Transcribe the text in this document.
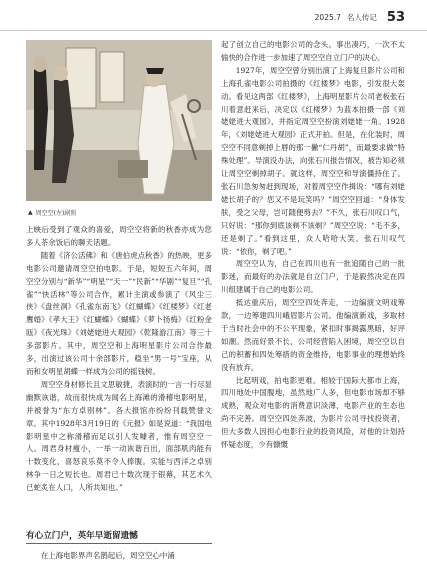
2025.7 名人传记 53
▲ 周空空(左)剧照

上映后受到了观众的喜爱，周空空将新的秋香亦成为您多人茶余饭后的聊天话题。

随着《济公活佛》和《唐伯虎点秋香》的热映，更多电影公司邀请周空空拍电影。于是，短短五六年间，周空空分别与“新华”“明星”“天一”“民新”“华剧”“复旦”“孔雀”“快活林”等公司合作，累计主演或参演了《风尘三侠》《盘丝洞》《孔雀东南飞》《红蝴蝶》《红楼梦》《红老鹰婚》《孝大王》《红蝴蝶》《蝴蝶》《萝卜扬梅》《红粉金瓯》《夜光珠》《刘姥姥进大观园》《乾隆游江南》等三十多部影片。其中，周空空和上海明星影片公司合作最多，出演过该公司十余部影片，稳坐“男一号”宝座，从而和女明星胡蝶一样成为公司的摇钱树。

周空空身材修长且文思敏捷，表演时的一言一行尽显幽默诙谐，故而很快成为闻名上海滩的滑稽电影明星，并被誉为“东方卓别林”。各大报馆亦纷纷刊载赞誉文章。其中1928年3月19日的《元报》如是说道：“我国电影明星中之称滑稽而足以引人发噱者，惟有周空空一人。周君身材瘦小，一举一动诙谐百出，面部肌肉能有十数变化，喜怒哀乐莫不令人捧腹。实能与西洋之卓别林争一日之短长也。周君已十数次现于银幕，其艺术久已蛇炙在人口，人所共知也。”

有心立门户，英年早逝留遗憾

在上海电影界声名鹊起后，周空空心中涌

起了创立自己的电影公司的念头。事出凑巧，一次不太愉快的合作进一步加速了周空空自立门户的决心。

1927年，周空空曾分别出演了上海复旦影片公司和上海孔雀电影公司拍摄的《红楼梦》电影，引发很大轰动。看见这两部《红楼梦》，上海明星影片公司老板张石川着意赶来后，决定以《红楼梦》为蓝本拍摄一部《刘姥姥进大观园》，并指定周空空扮演刘姥姥一角。1928年，《刘姥姥进大观园》正式开拍。但是，在化装时，周空空不同意剃掉上唇的那一撇“仁丹胡”，而最要求做“特殊处理”。导演没办法，向张石川报告情况，被告知必须让周空空剃掉胡子。就这样，周空空和导演僵持住了。张石川急匆匆赶到现场，对着周空空作揖说：“哪有刘姥姥长胡子的？您又不是玩笑吗？”周空空回道：“身体发肤，受之父母，岂可随便剪去？”不久，张石川叹口气，只好说：“那你到底该剃不该剃？”周空空说：“毛不多，还是剃了。”看到这里，众人哈哈大笑。张石川叹气说：“依你，剃了吧。”

周空空认为，自己在四川也有一批追随自己的一批影迷，而最好的办法就是自立门户，于是毅然决定在四川组建属于自己的电影公司。

抵达重庆后，周空空四处奔走，一边编演文明戏筹款，一边筹建四川峨眉影片公司。他编演新戏，多取材于当时社会中的不公平现象，紧扣时事揭露黑暗，好评如潮。然而好景不长，公司经营陷入困境，周空空以自己的积蓄和四处筹措的资金维持，电影事业的理想始终没有放弃。

比起明戏，拍电影更难。相较于国际大都市上海，四川地处中国腹地，虽然地广人多，但电影市场却不够成熟，观众对电影的消费意识淡薄，电影产业的生态也尚不完善。周空空四处奔波，为影片公司寻找投资者，但大多数人因担心电影行业的投资风险，对他的计划持怀疑态度，少有慷慨
